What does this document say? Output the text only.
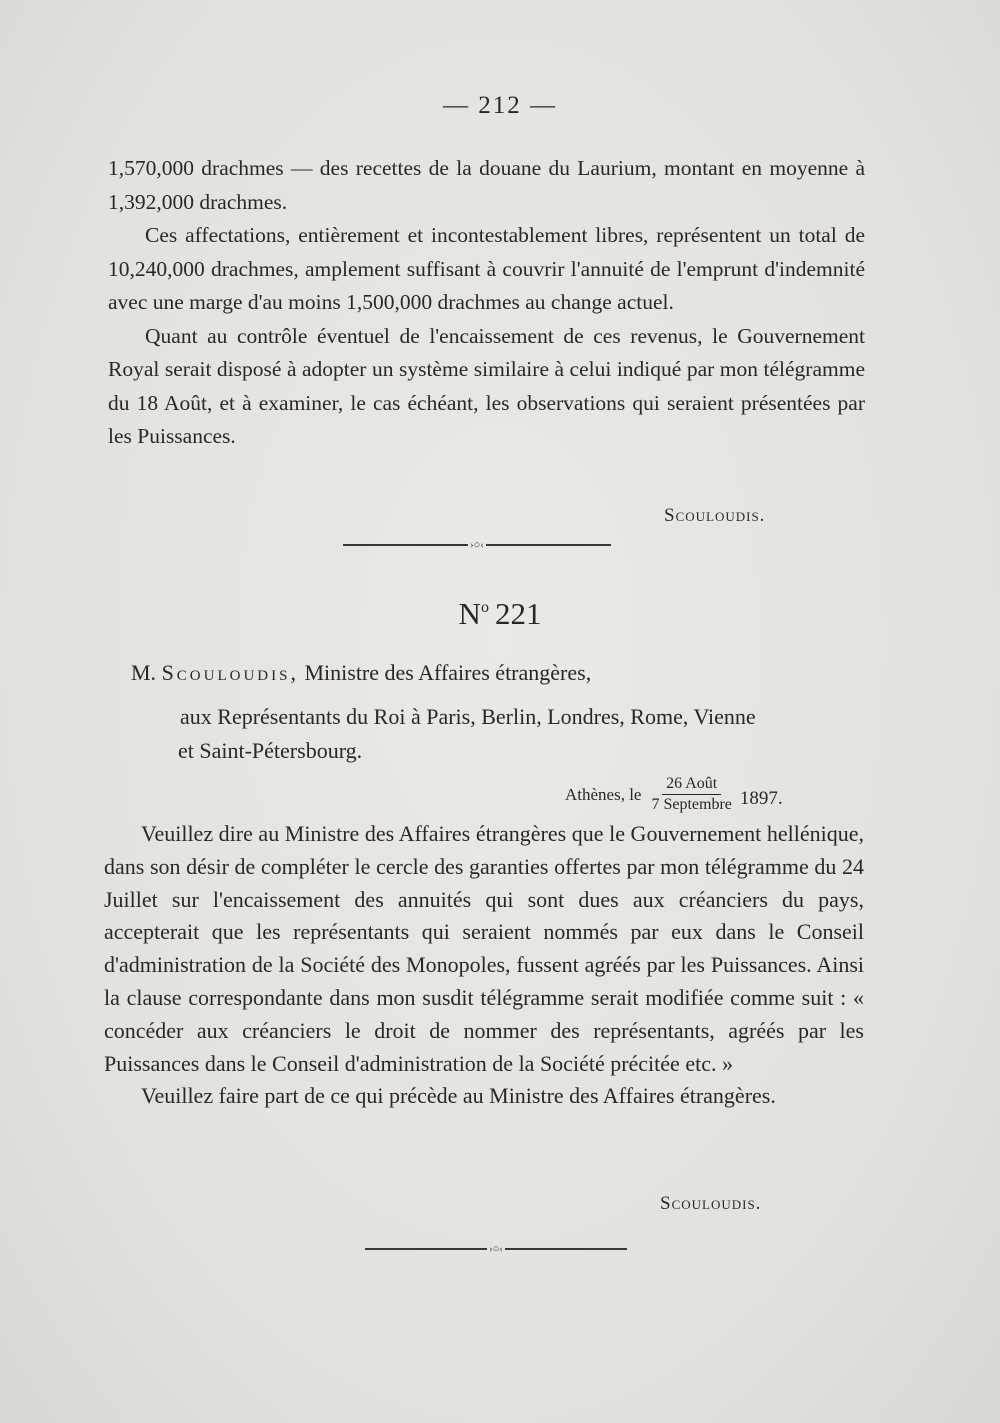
— 212 —

1,570,000 drachmes — des recettes de la douane du Laurium, montant en moyenne à 1,392,000 drachmes.

Ces affectations, entièrement et incontestablement libres, représentent un total de 10,240,000 drachmes, amplement suffisant à couvrir l'annuité de l'emprunt d'indemnité avec une marge d'au moins 1,500,000 drachmes au change actuel.

Quant au contrôle éventuel de l'encaissement de ces revenus, le Gouvernement Royal serait disposé à adopter un système similaire à celui indiqué par mon télégramme du 18 Août, et à examiner, le cas échéant, les observations qui seraient présentées par les Puissances.

Scouloudis.
›○‹
$N^o$ 221
M. Scouloudis, Ministre des Affaires étrangères,
aux Représentants du Roi à Paris, Berlin, Londres, Rome, Vienne
et Saint-Pétersbourg.
Athènes, le $\frac{\text{26 Août}}{\text{7 Septembre}} 1897$.

Veuillez dire au Ministre des Affaires étrangères que le Gouvernement hellénique, dans son désir de compléter le cercle des garanties offertes par mon télégramme du 24 Juillet sur l'encaissement des annuités qui sont dues aux créanciers du pays, accepterait que les représentants qui seraient nommés par eux dans le Conseil d'administration de la Société des Monopoles, fussent agréés par les Puissances. Ainsi la clause correspondante dans mon susdit télégramme serait modifiée comme suit : « concéder aux créanciers le droit de nommer des représentants, agréés par les Puissances dans le Conseil d'administration de la Société précitée etc. »

Veuillez faire part de ce qui précède au Ministre des Affaires étrangères.

Scouloudis.
›○‹
